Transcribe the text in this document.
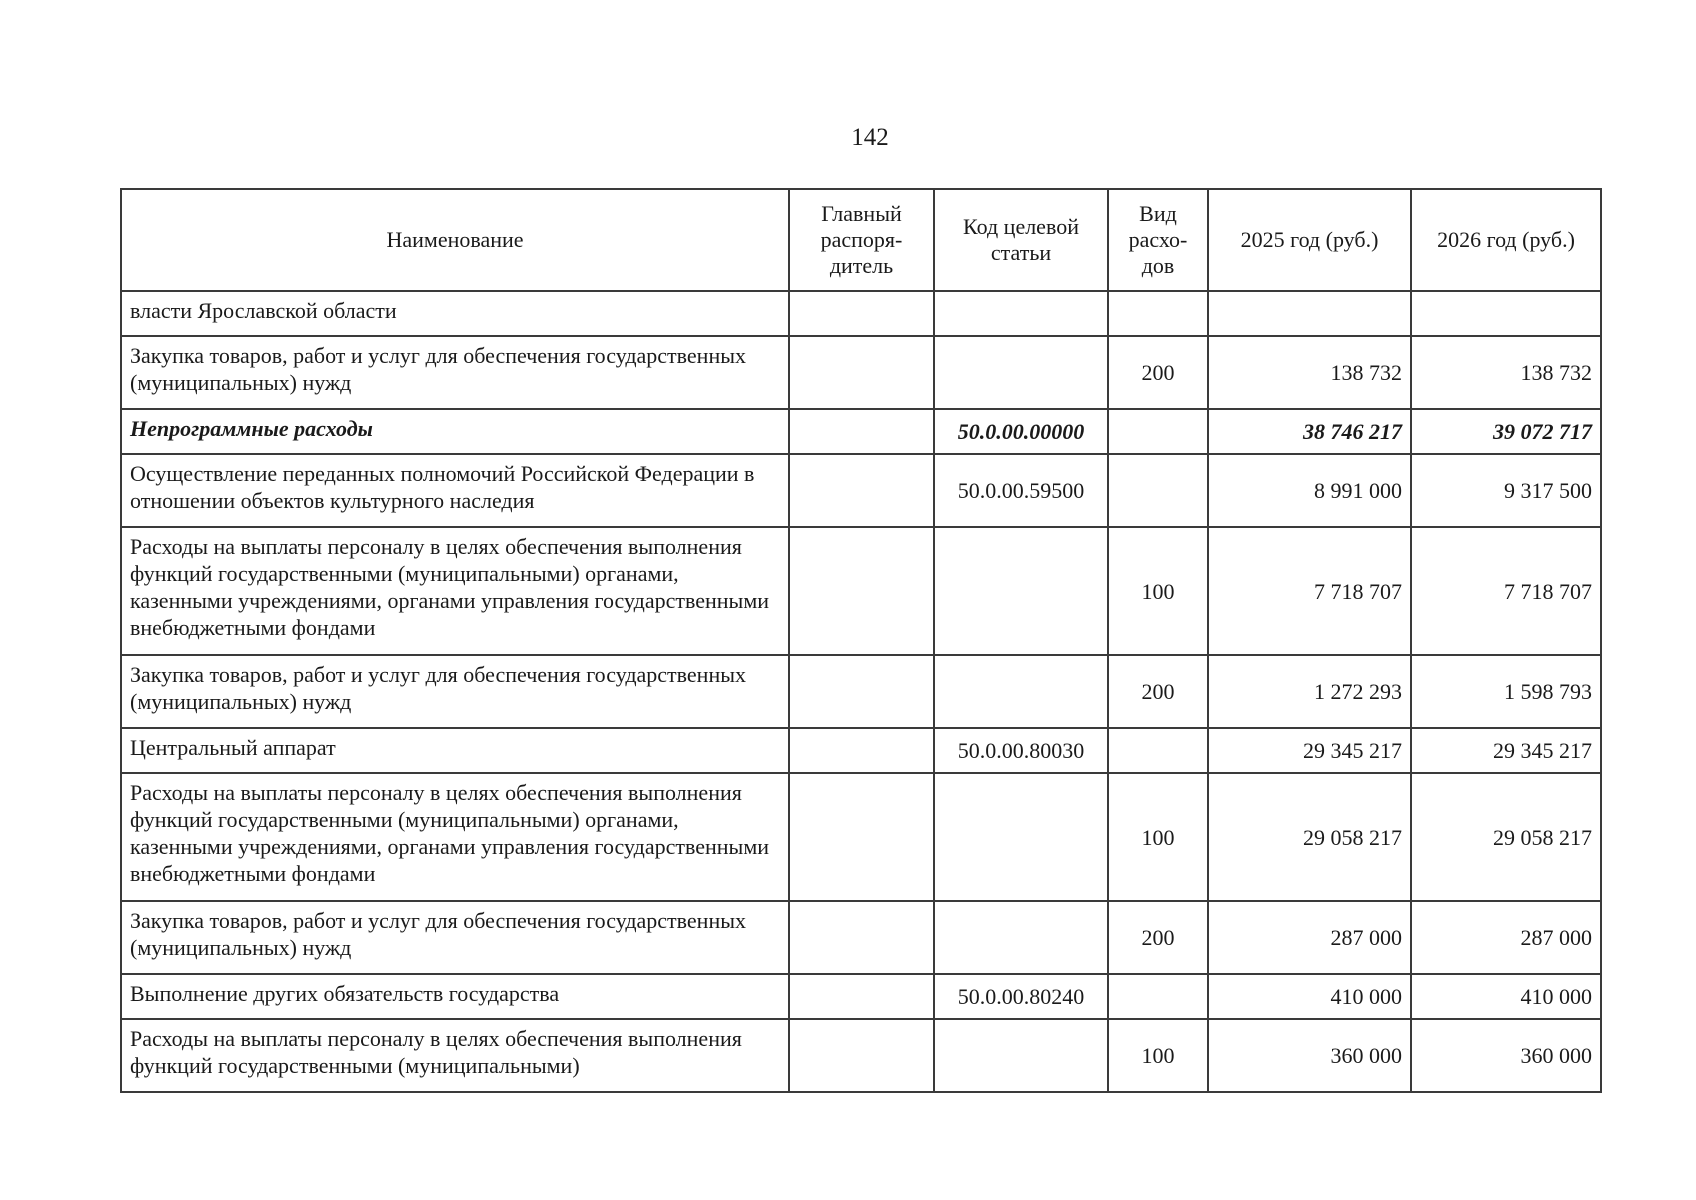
142
Наименование	Главный распоря-дитель	Код целевой статьи	Вид расхо-дов	2025 год (руб.)	2026 год (руб.)
власти Ярославской области					
Закупка товаров, работ и услуг для обеспечения государственных (муниципальных) нужд			200	138 732	138 732
Непрограммные расходы		50.0.00.00000		38 746 217	39 072 717
Осуществление переданных полномочий Российской Федерации в отношении объектов культурного наследия		50.0.00.59500		8 991 000	9 317 500
Расходы на выплаты персоналу в целях обеспечения выполнения функций государственными (муниципальными) органами, казенными учреждениями, органами управления государственными внебюджетными фондами			100	7 718 707	7 718 707
Закупка товаров, работ и услуг для обеспечения государственных (муниципальных) нужд			200	1 272 293	1 598 793
Центральный аппарат		50.0.00.80030		29 345 217	29 345 217
Расходы на выплаты персоналу в целях обеспечения выполнения функций государственными (муниципальными) органами, казенными учреждениями, органами управления государственными внебюджетными фондами			100	29 058 217	29 058 217
Закупка товаров, работ и услуг для обеспечения государственных (муниципальных) нужд			200	287 000	287 000
Выполнение других обязательств государства		50.0.00.80240		410 000	410 000
Расходы на выплаты персоналу в целях обеспечения выполнения функций государственными (муниципальными)			100	360 000	360 000
